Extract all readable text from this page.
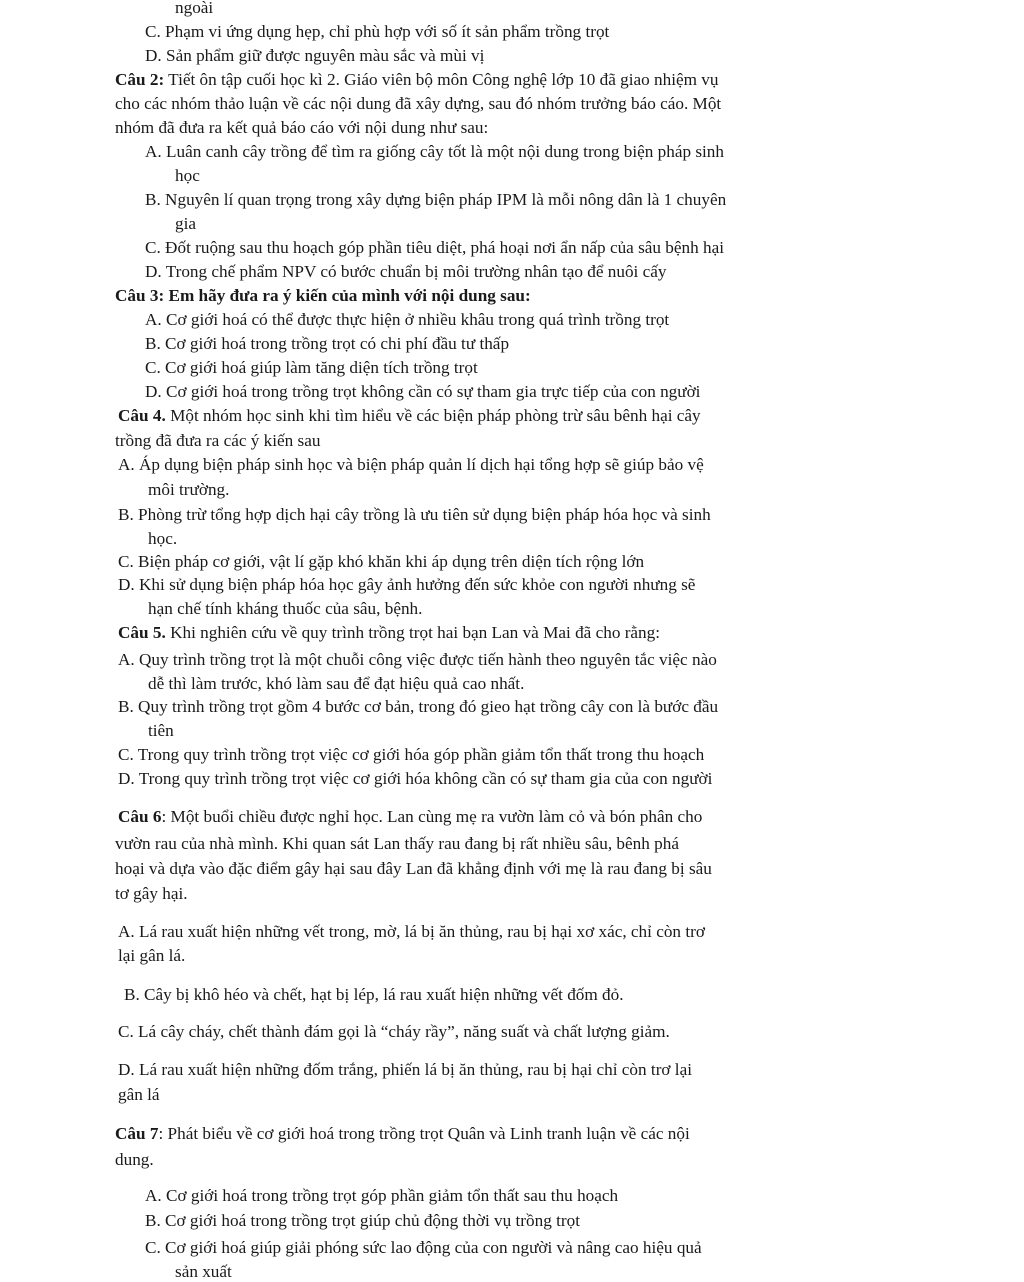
ngoài
C. Phạm vi ứng dụng hẹp, chỉ phù hợp với số ít sản phẩm trồng trọt
D. Sản phẩm giữ được nguyên màu sắc và mùi vị
Câu 2: Tiết ôn tập cuối học kì 2. Giáo viên bộ môn Công nghệ lớp 10 đã giao nhiệm vụ
cho các nhóm thảo luận về các nội dung đã xây dựng, sau đó nhóm trưởng báo cáo. Một
nhóm đã đưa ra kết quả báo cáo với nội dung như sau:
A. Luân canh cây trồng để tìm ra giống cây tốt là một nội dung trong biện pháp sinh
học
B. Nguyên lí quan trọng trong xây dựng biện pháp IPM là mỗi nông dân là 1 chuyên
gia
C. Đốt ruộng sau thu hoạch góp phần tiêu diệt, phá hoại nơi ẩn nấp của sâu bệnh hại
D. Trong chế phẩm NPV có bước chuẩn bị môi trường nhân tạo để nuôi cấy
Câu 3: Em hãy đưa ra ý kiến của mình với nội dung sau:
A. Cơ giới hoá có thể được thực hiện ở nhiều khâu trong quá trình trồng trọt
B. Cơ giới hoá trong trồng trọt có chi phí đầu tư thấp
C. Cơ giới hoá giúp làm tăng diện tích trồng trọt
D. Cơ giới hoá trong trồng trọt không cần có sự tham gia trực tiếp của con người
Câu 4. Một nhóm học sinh khi tìm hiểu về các biện pháp phòng trừ sâu bênh hại cây
trồng đã đưa ra các ý kiến sau
A. Áp dụng biện pháp sinh học và biện pháp quản lí dịch hại tổng hợp sẽ giúp bảo vệ
môi trường.
B. Phòng trừ tổng hợp dịch hại cây trồng là ưu tiên sử dụng biện pháp hóa học và sinh
học.
C. Biện pháp cơ giới, vật lí gặp khó khăn khi áp dụng trên diện tích rộng lớn
D. Khi sử dụng biện pháp hóa học gây ảnh hưởng đến sức khỏe con người nhưng sẽ
hạn chế tính kháng thuốc của sâu, bệnh.
Câu 5. Khi nghiên cứu về quy trình trồng trọt hai bạn Lan và Mai đã cho rằng:
A. Quy trình trồng trọt là một chuỗi công việc được tiến hành theo nguyên tắc việc nào
dễ thì làm trước, khó làm sau để đạt hiệu quả cao nhất.
B. Quy trình trồng trọt gồm 4 bước cơ bản, trong đó gieo hạt trồng cây con là bước đầu
tiên
C. Trong quy trình trồng trọt việc cơ giới hóa góp phần giảm tổn thất trong thu hoạch
D. Trong quy trình trồng trọt việc cơ giới hóa không cần có sự tham gia của con người
Câu 6: Một buổi chiều được nghỉ học. Lan cùng mẹ ra vườn làm cỏ và bón phân cho
vườn rau của nhà mình. Khi quan sát Lan thấy rau đang bị rất nhiều sâu, bênh phá
hoại và dựa vào đặc điểm gây hại sau đây Lan đã khẳng định với mẹ là rau đang bị sâu
tơ gây hại.
A. Lá rau xuất hiện những vết trong, mờ, lá bị ăn thủng, rau bị hại xơ xác, chỉ còn trơ
lại gân lá.
B. Cây bị khô héo và chết, hạt bị lép, lá rau xuất hiện những vết đốm đỏ.
C. Lá cây cháy, chết thành đám gọi là “cháy rầy”, năng suất và chất lượng giảm.
D. Lá rau xuất hiện những đốm trắng, phiến lá bị ăn thủng, rau bị hại chỉ còn trơ lại
gân lá
Câu 7: Phát biểu về cơ giới hoá trong trồng trọt Quân và Linh tranh luận về các nội
dung.
A. Cơ giới hoá trong trồng trọt góp phần giảm tổn thất sau thu hoạch
B. Cơ giới hoá trong trồng trọt giúp chủ động thời vụ trồng trọt
C. Cơ giới hoá giúp giải phóng sức lao động của con người và nâng cao hiệu quả
sản xuất
